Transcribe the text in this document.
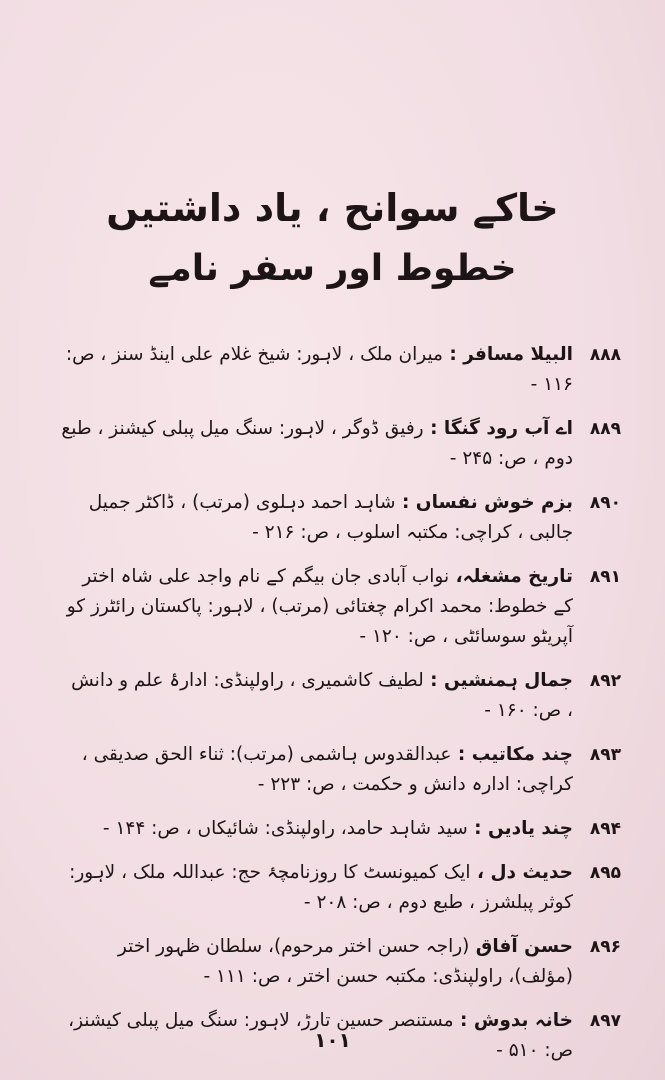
خاکے سوانح ، یاد داشتیں
خطوط اور سفر نامے
۸۸۸
البیلا مسافر : میران ملک ، لاہور: شیخ غلام علی اینڈ سنز ، ص: ۱۱۶ -
۸۸۹
اے آب رود گنگا : رفیق ڈوگر ، لاہور: سنگ میل پبلی کیشنز ، طبع دوم ، ص: ۲۴۵ -
۸۹۰
بزم خوش نفساں : شاہد احمد دہلوی (مرتب) ، ڈاکٹر جمیل جالبی ، کراچی: مکتبہ اسلوب ، ص: ۲۱۶ -
۸۹۱
تاریخ مشغلہ، نواب آبادی جان بیگم کے نام واجد علی شاہ اختر کے خطوط: محمد اکرام چغتائی (مرتب) ، لاہور: پاکستان رائٹرز کو آپریٹو سوسائٹی ، ص: ۱۲۰ -
۸۹۲
جمال ہمنشیں : لطیف کاشمیری ، راولپنڈی: ادارۂ علم و دانش ، ص: ۱۶۰ -
۸۹۳
چند مکاتیب : عبدالقدوس ہاشمی (مرتب): ثناء الحق صدیقی ، کراچی: ادارہ دانش و حکمت ، ص: ۲۲۳ -
۸۹۴
چند یادیں : سید شاہد حامد، راولپنڈی: شائیکاں ، ص: ۱۴۴ -
۸۹۵
حدیث دل ، ایک کمیونسٹ کا روزنامچۂ حج: عبداللہ ملک ، لاہور: کوثر پبلشرز ، طبع دوم ، ص: ۲۰۸ -
۸۹۶
حسن آفاق (راجہ حسن اختر مرحوم)، سلطان ظہور اختر (مؤلف)، راولپنڈی: مکتبہ حسن اختر ، ص: ۱۱۱ -
۸۹۷
خانہ بدوش : مستنصر حسین تارڑ، لاہور: سنگ میل پبلی کیشنز، ص: ۵۱۰ -
۱۰۱
